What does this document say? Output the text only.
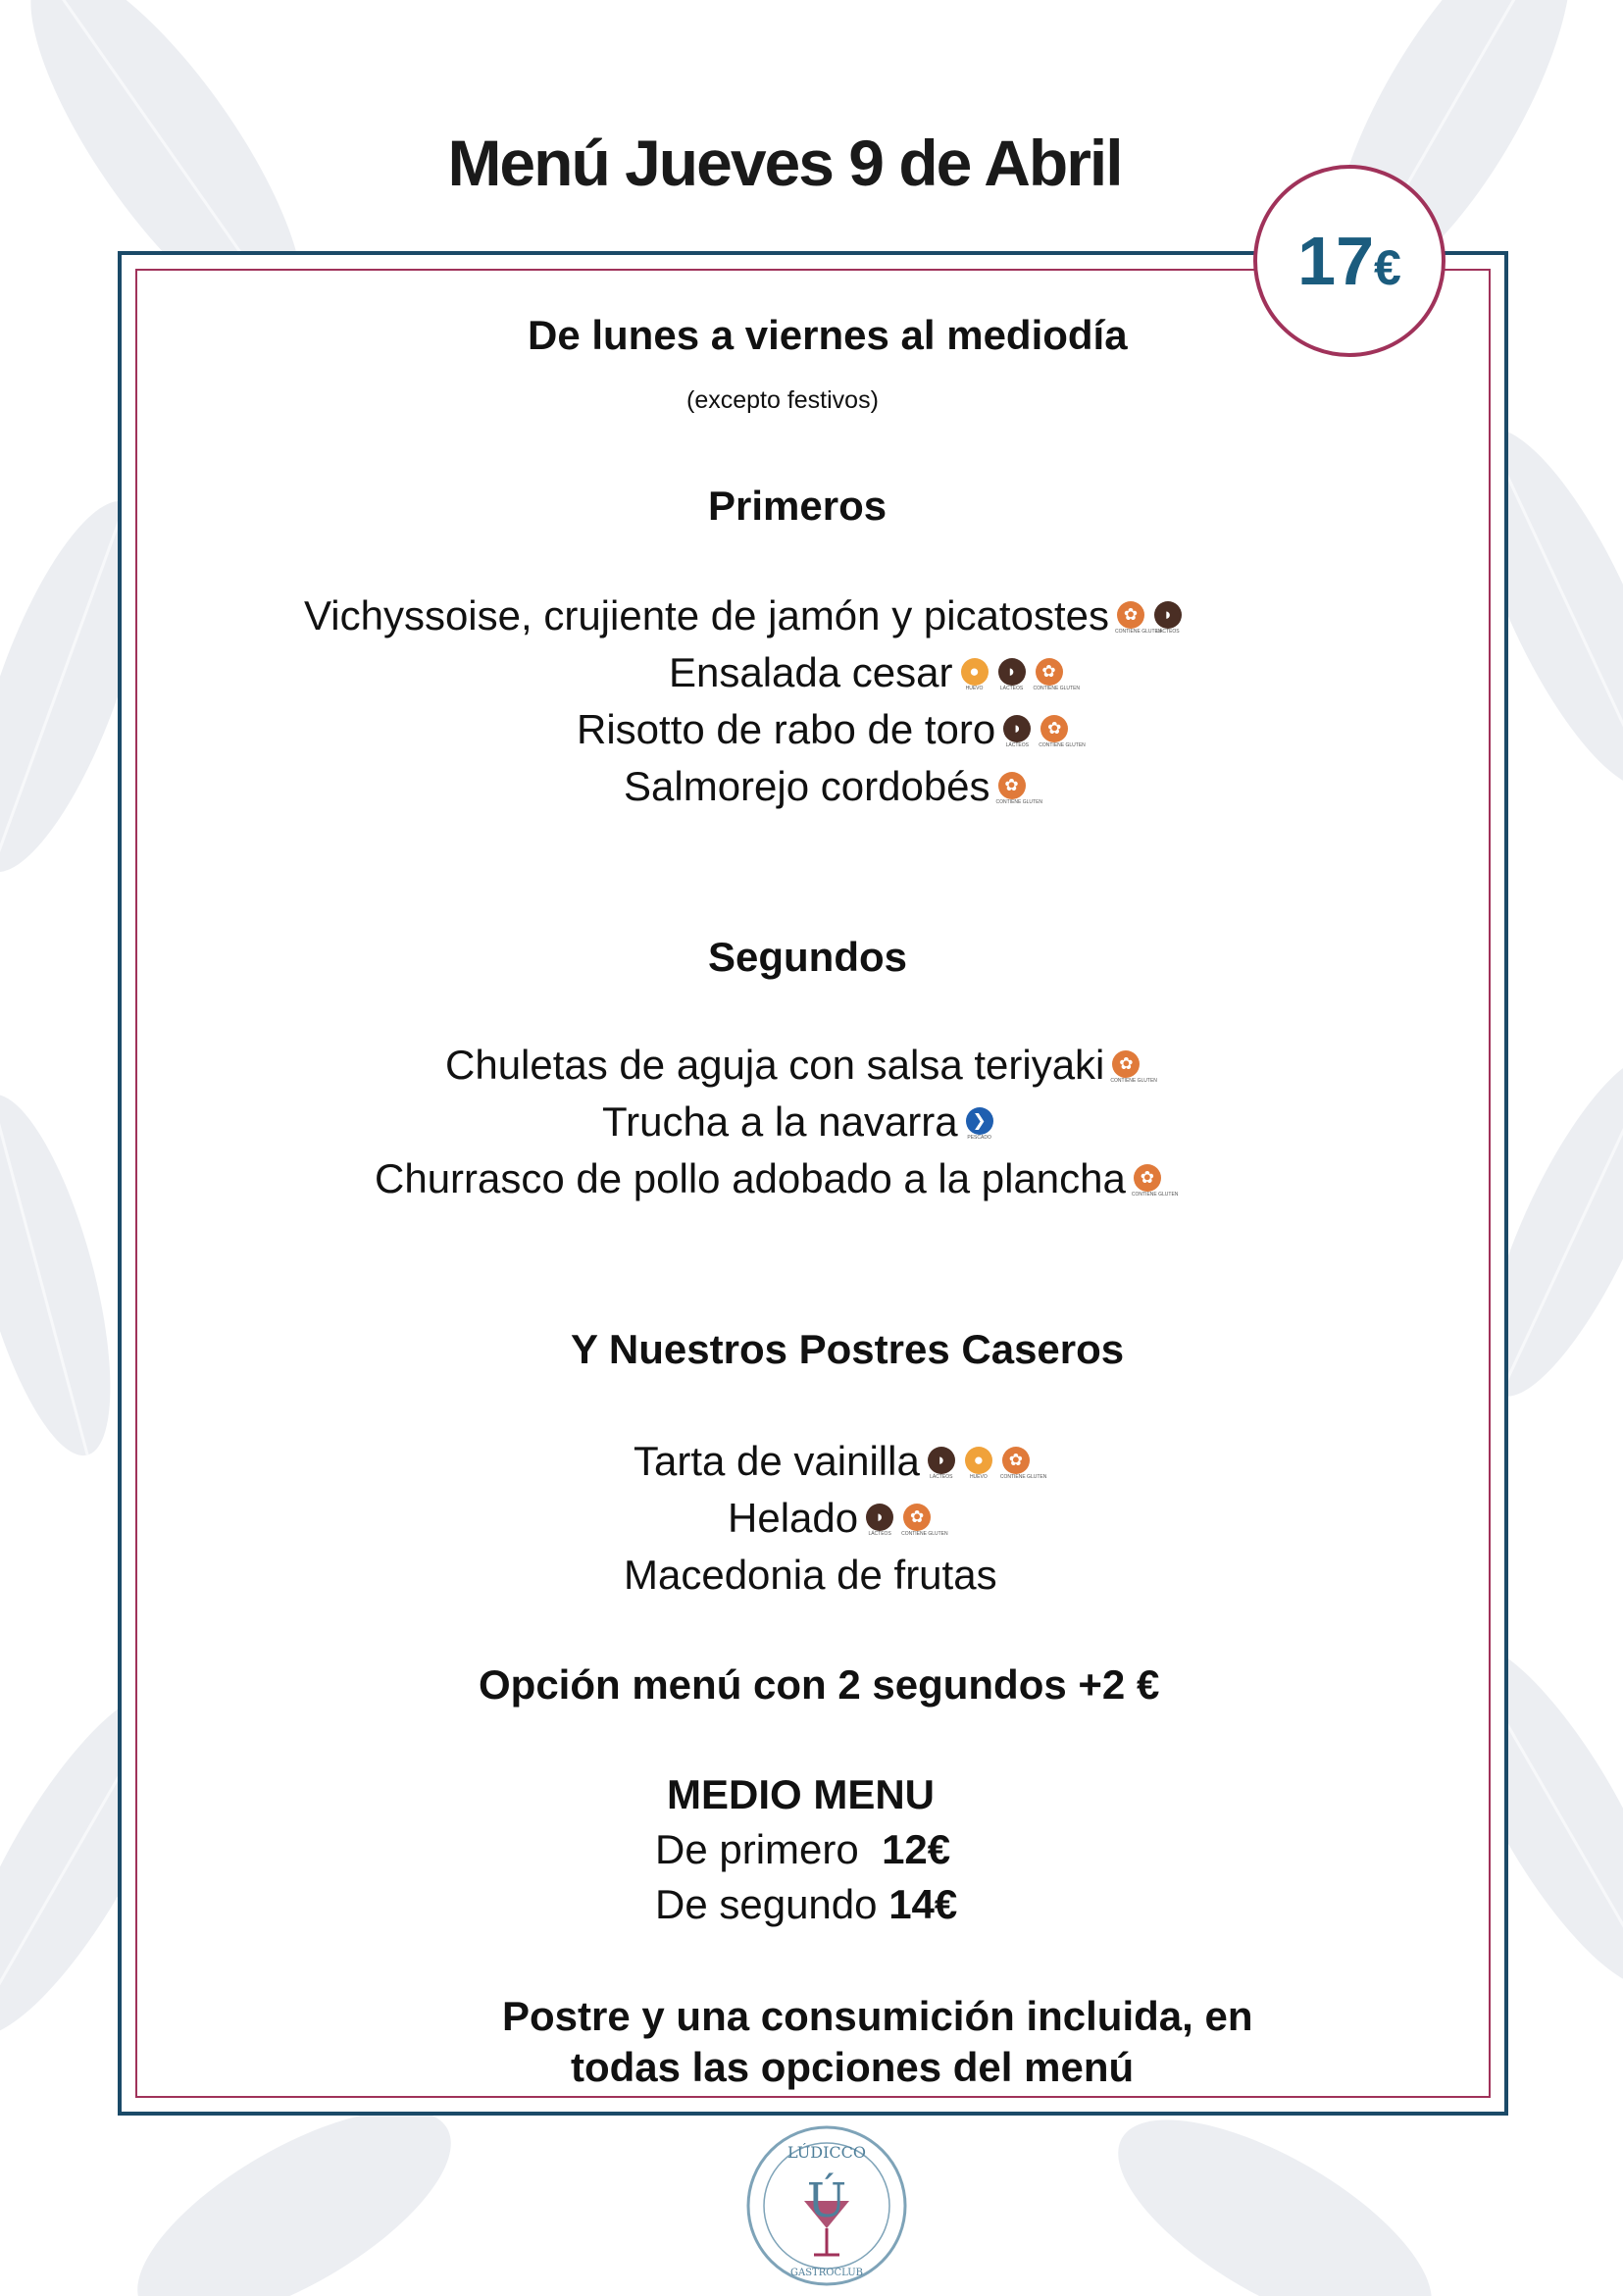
Menú Jueves 9 de Abril
17€
De lunes a viernes al mediodía
(excepto festivos)
Primeros
Vichyssoise, crujiente de jamón y picatostes ✿
CONTIENE GLUTEN
◗
LÁCTEOS
Ensalada cesar ●
HUEVO
◗
LÁCTEOS
✿
CONTIENE GLUTEN
Risotto de rabo de toro ◗
LÁCTEOS
✿
CONTIENE GLUTEN
Salmorejo cordobés ✿
CONTIENE GLUTEN
Segundos
Chuletas de aguja con salsa teriyaki ✿
CONTIENE GLUTEN
Trucha a la navarra ❯
PESCADO
Churrasco de pollo adobado a la plancha ✿
CONTIENE GLUTEN
Y Nuestros Postres Caseros
Tarta de vainilla ◗
LÁCTEOS
●
HUEVO
✿
CONTIENE GLUTEN
Helado ◗
LÁCTEOS
✿
CONTIENE GLUTEN
Macedonia de frutas
Opción menú con 2 segundos +2 €
MEDIO MENU
De primero 12€
De segundo 14€
Postre y una consumición incluida, en
todas las opciones del menú
LÚDICCO
Ú
GASTROCLUB
